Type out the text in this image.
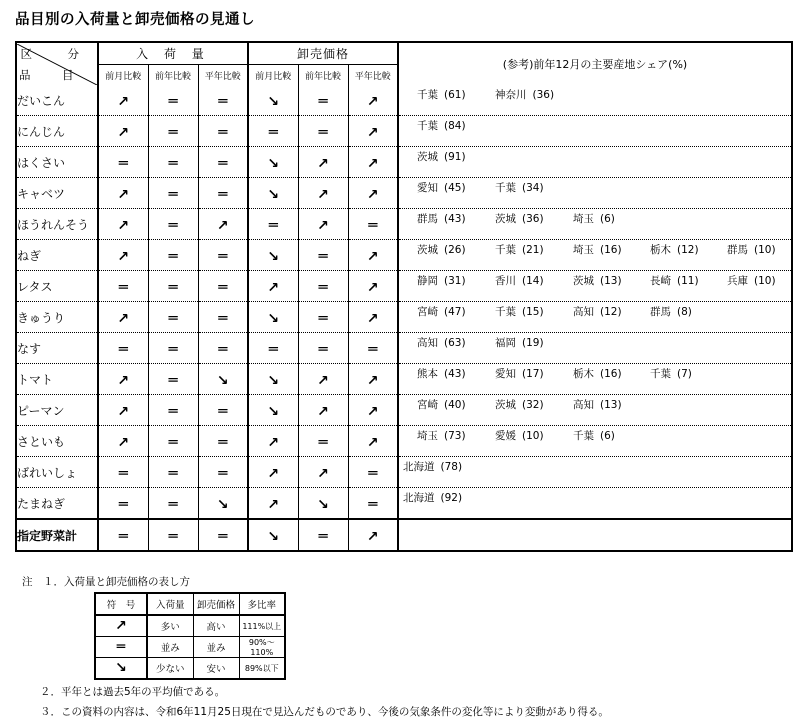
品目別の入荷量と卸売価格の見通し
区　分
品　目	入 荷 量			卸売価格			(参考)前年12月の主要産地シェア(%)
	前月比較	前年比較	平年比較	前月比較	前年比較	平年比較	
だいこん	↗	═	═	↘	═	↗	千葉 (61) 神奈川 (36)

にんじん	↗	═	═	═	═	↗	千葉 (84)

はくさい	═	═	═	↘	↗	↗	茨城 (91)

キャベツ	↗	═	═	↘	↗	↗	愛知 (45) 千葉 (34)

ほうれんそう	↗	═	↗	═	↗	═	群馬 (43) 茨城 (36) 埼玉 (6)

ねぎ	↗	═	═	↘	═	↗	茨城 (26) 千葉 (21) 埼玉 (16) 栃木 (12) 群馬 (10)

レタス	═	═	═	↗	═	↗	静岡 (31) 香川 (14) 茨城 (13) 長崎 (11) 兵庫 (10)

きゅうり	↗	═	═	↘	═	↗	宮崎 (47) 千葉 (15) 高知 (12) 群馬 (8)

なす	═	═	═	═	═	═	高知 (63) 福岡 (19)

トマト	↗	═	↘	↘	↗	↗	熊本 (43) 愛知 (17) 栃木 (16) 千葉 (7)

ピーマン	↗	═	═	↘	↗	↗	宮崎 (40) 茨城 (32) 高知 (13)

さといも	↗	═	═	↗	═	↗	埼玉 (73) 愛媛 (10) 千葉 (6)

ばれいしょ	═	═	═	↗	↗	═	北海道 (78)

たまねぎ	═	═	↘	↗	↘	═	北海道 (92)

指定野菜計	═	═	═	↘	═	↗	
注　１．入荷量と卸売価格の表し方
符　号	入荷量	卸売価格	多比率
↗	多い	高い	111%以上
═	並み	並み	90%〜110%
↘	少ない	安い	89%以下
２．平年とは過去5年の平均値である。
３．この資料の内容は、令和6年11月25日現在で見込んだものであり、今後の気象条件の変化等により変動があり得る。
